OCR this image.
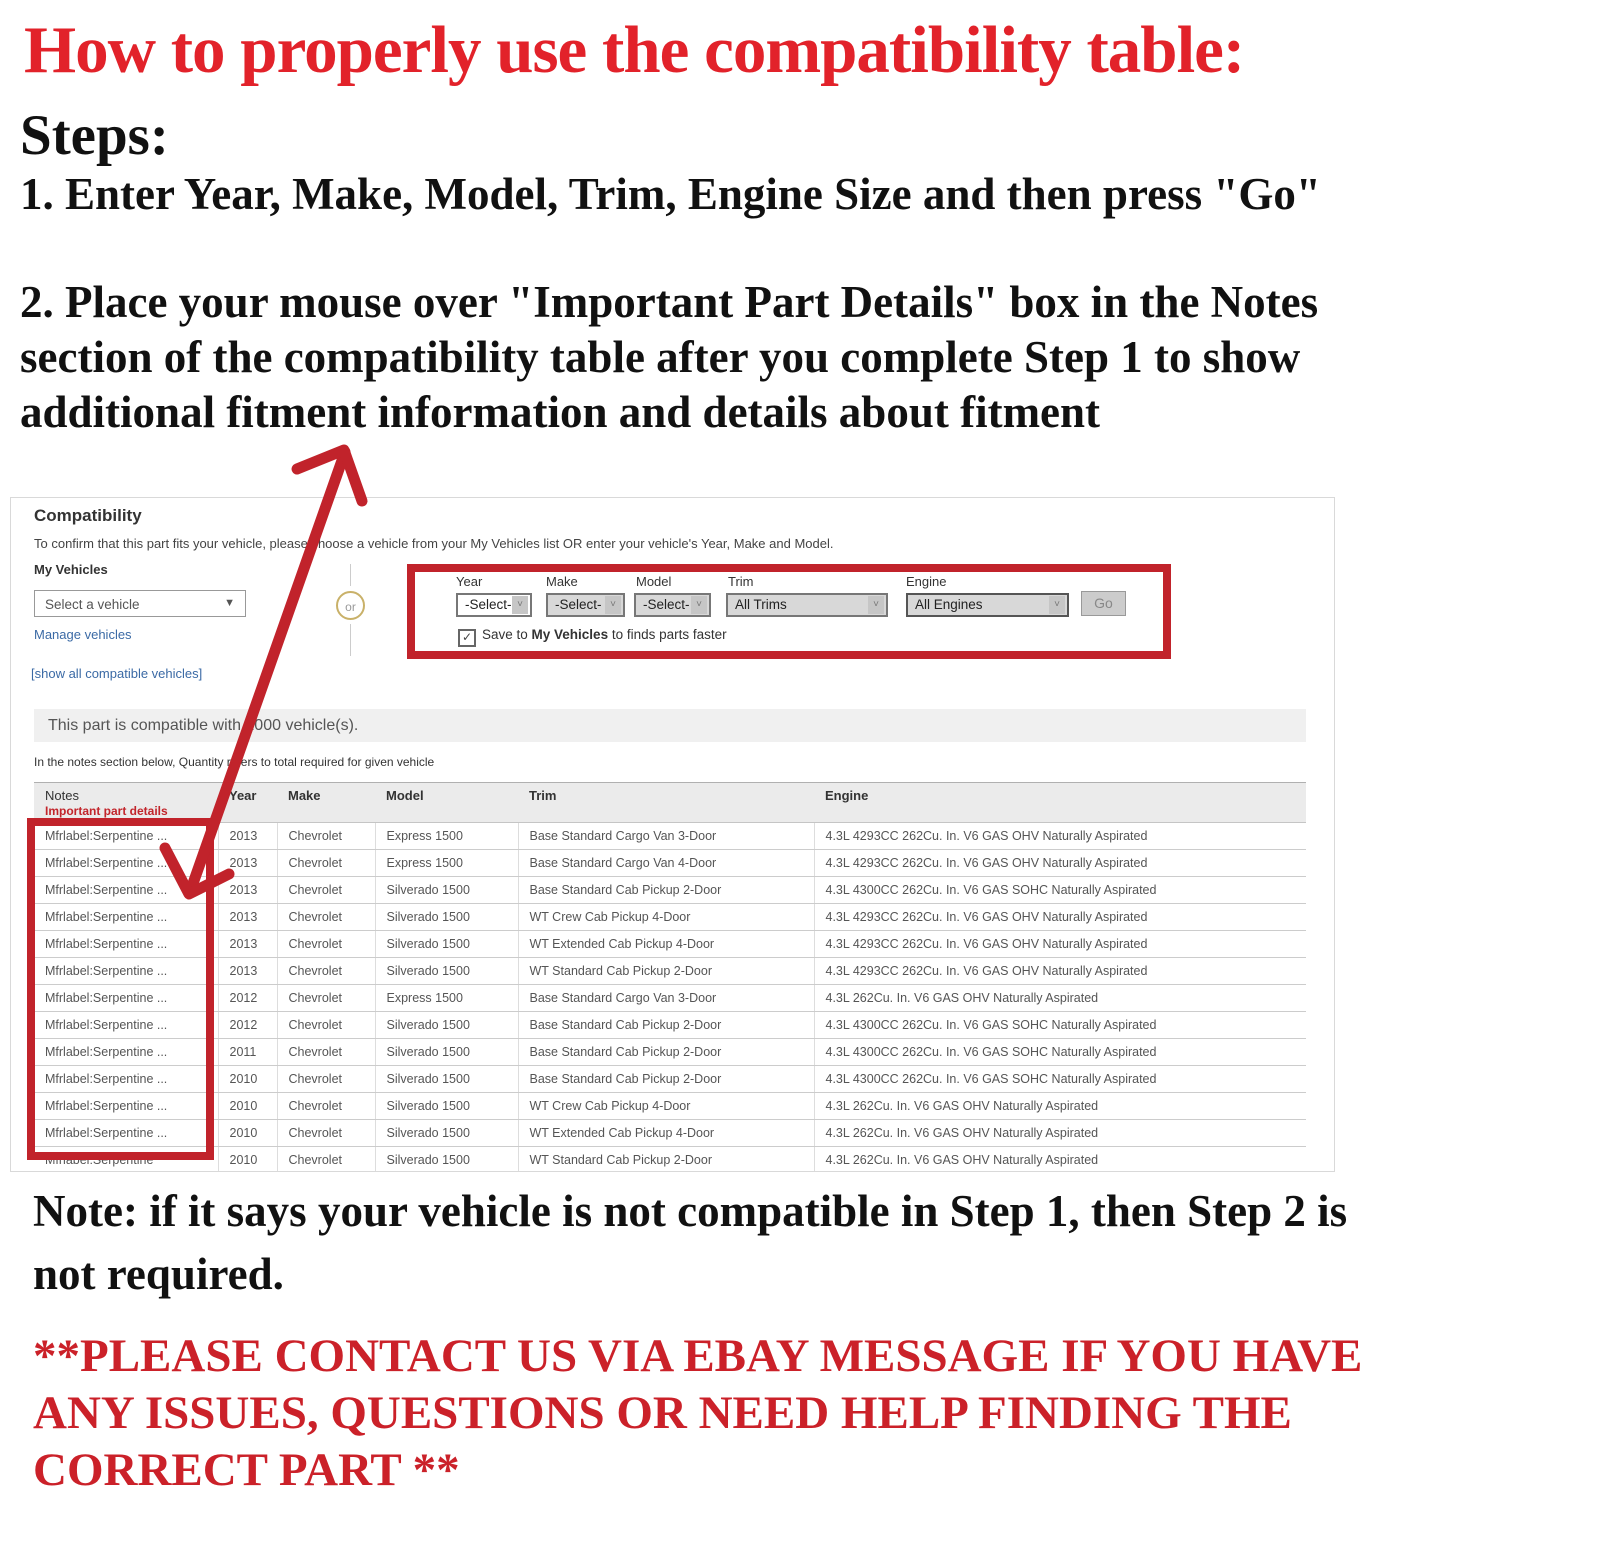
How to properly use the compatibility table:
Steps:
1. Enter Year, Make, Model, Trim, Engine Size and then press "Go"
2. Place your mouse over "Important Part Details" box in the Notes
section of the compatibility table after you complete Step 1 to show
additional fitment information and details about fitment
Compatibility
To confirm that this part fits your vehicle, please choose a vehicle from your My Vehicles list OR enter your vehicle's Year, Make and Model.
My Vehicles
Select a vehicle	▼
Manage vehicles
or
Year	Make	Model	Trim	Engine
-Select- ˅	-Select- ˅	-Select- ˅	All Trims	˅	All Engines	˅	Go
✓ Save to My Vehicles to finds parts faster
[show all compatible vehicles]
This part is compatible with 1000 vehicle(s).
In the notes section below, Quantity refers to total required for given vehicle
Notes
Important part details	Year	Make	Model	Trim	Engine
Mfrlabel:Serpentine ...	2013	Chevrolet	Express 1500	Base Standard Cargo Van 3-Door	4.3L 4293CC 262Cu. In. V6 GAS OHV Naturally Aspirated
Mfrlabel:Serpentine ...	2013	Chevrolet	Express 1500	Base Standard Cargo Van 4-Door	4.3L 4293CC 262Cu. In. V6 GAS OHV Naturally Aspirated
Mfrlabel:Serpentine ...	2013	Chevrolet	Silverado 1500	Base Standard Cab Pickup 2-Door	4.3L 4300CC 262Cu. In. V6 GAS SOHC Naturally Aspirated
Mfrlabel:Serpentine ...	2013	Chevrolet	Silverado 1500	WT Crew Cab Pickup 4-Door	4.3L 4293CC 262Cu. In. V6 GAS OHV Naturally Aspirated
Mfrlabel:Serpentine ...	2013	Chevrolet	Silverado 1500	WT Extended Cab Pickup 4-Door	4.3L 4293CC 262Cu. In. V6 GAS OHV Naturally Aspirated
Mfrlabel:Serpentine ...	2013	Chevrolet	Silverado 1500	WT Standard Cab Pickup 2-Door	4.3L 4293CC 262Cu. In. V6 GAS OHV Naturally Aspirated
Mfrlabel:Serpentine ...	2012	Chevrolet	Express 1500	Base Standard Cargo Van 3-Door	4.3L 262Cu. In. V6 GAS OHV Naturally Aspirated
Mfrlabel:Serpentine ...	2012	Chevrolet	Silverado 1500	Base Standard Cab Pickup 2-Door	4.3L 4300CC 262Cu. In. V6 GAS SOHC Naturally Aspirated
Mfrlabel:Serpentine ...	2011	Chevrolet	Silverado 1500	Base Standard Cab Pickup 2-Door	4.3L 4300CC 262Cu. In. V6 GAS SOHC Naturally Aspirated
Mfrlabel:Serpentine ...	2010	Chevrolet	Silverado 1500	Base Standard Cab Pickup 2-Door	4.3L 4300CC 262Cu. In. V6 GAS SOHC Naturally Aspirated
Mfrlabel:Serpentine ...	2010	Chevrolet	Silverado 1500	WT Crew Cab Pickup 4-Door	4.3L 262Cu. In. V6 GAS OHV Naturally Aspirated
Mfrlabel:Serpentine ...	2010	Chevrolet	Silverado 1500	WT Extended Cab Pickup 4-Door	4.3L 262Cu. In. V6 GAS OHV Naturally Aspirated
Mfrlabel:Serpentine	2010	Chevrolet	Silverado 1500	WT Standard Cab Pickup 2-Door	4.3L 262Cu. In. V6 GAS OHV Naturally Aspirated
Note: if it says your vehicle is not compatible in Step 1, then Step 2 is
not required.
**PLEASE CONTACT US VIA EBAY MESSAGE IF YOU HAVE
ANY ISSUES, QUESTIONS OR NEED HELP FINDING THE
CORRECT PART **
